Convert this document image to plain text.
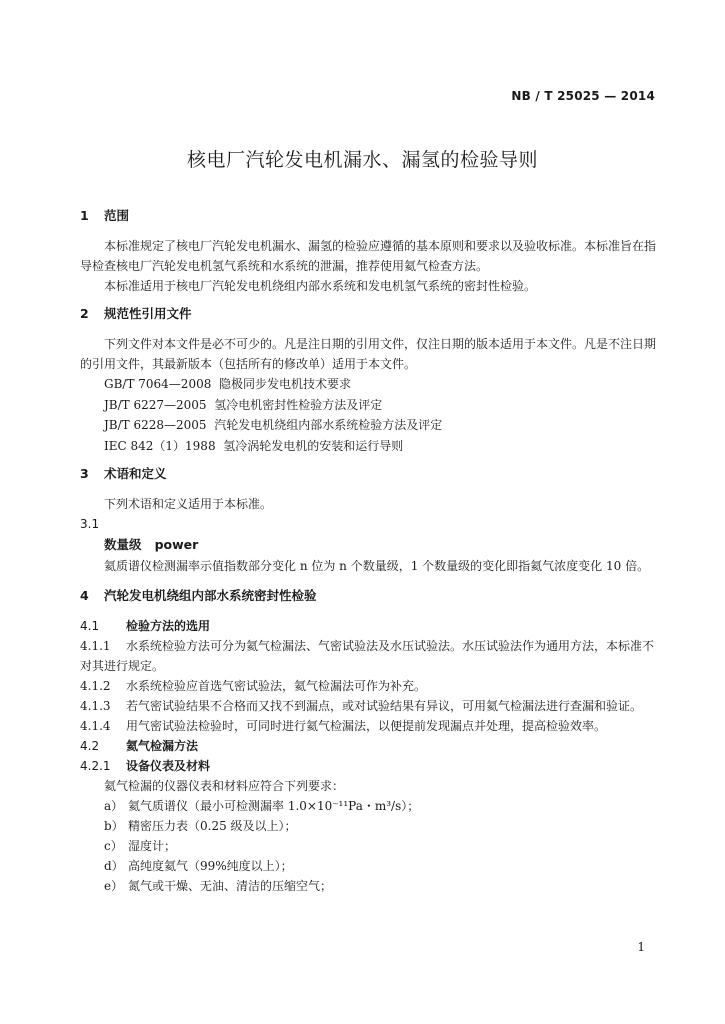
NB / T 25025 — 2014
核电厂汽轮发电机漏水、漏氢的检验导则
1 范围

本标准规定了核电厂汽轮发电机漏水、漏氢的检验应遵循的基本原则和要求以及验收标准。本标准旨在指导检查核电厂汽轮发电机氢气系统和水系统的泄漏，推荐使用氦气检查方法。

本标准适用于核电厂汽轮发电机绕组内部水系统和发电机氢气系统的密封性检验。

2 规范性引用文件

下列文件对本文件是必不可少的。凡是注日期的引用文件，仅注日期的版本适用于本文件。凡是不注日期的引用文件，其最新版本（包括所有的修改单）适用于本文件。

GB/T 7064—2008 隐极同步发电机技术要求
JB/T 6227—2005 氢冷电机密封性检验方法及评定
JB/T 6228—2005 汽轮发电机绕组内部水系统检验方法及评定
IEC 842（1）1988 氢冷涡轮发电机的安装和运行导则
3 术语和定义

下列术语和定义适用于本标准。

3.1
数量级 power

氦质谱仪检测漏率示值指数部分变化 n 位为 n 个数量级，1 个数量级的变化即指氦气浓度变化 10 倍。

4 汽轮发电机绕组内部水系统密封性检验
4.1 检验方法的选用
4.1.1 水系统检验方法可分为氦气检漏法、气密试验法及水压试验法。水压试验法作为通用方法，本标准不对其进行规定。
4.1.2 水系统检验应首选气密试验法，氦气检漏法可作为补充。
4.1.3 若气密试验结果不合格而又找不到漏点，或对试验结果有异议，可用氦气检漏法进行查漏和验证。
4.1.4 用气密试验法检验时，可同时进行氦气检漏法，以便提前发现漏点并处理，提高检验效率。
4.2 氦气检漏方法
4.2.1 设备仪表及材料

氦气检漏的仪器仪表和材料应符合下列要求：

a） 氦气质谱仪（最小可检测漏率 1.0×10⁻¹¹Pa・m³/s）；
b） 精密压力表（0.25 级及以上）；
c） 湿度计；
d） 高纯度氦气（99%纯度以上）；
e） 氮气或干燥、无油、清洁的压缩空气；
1
